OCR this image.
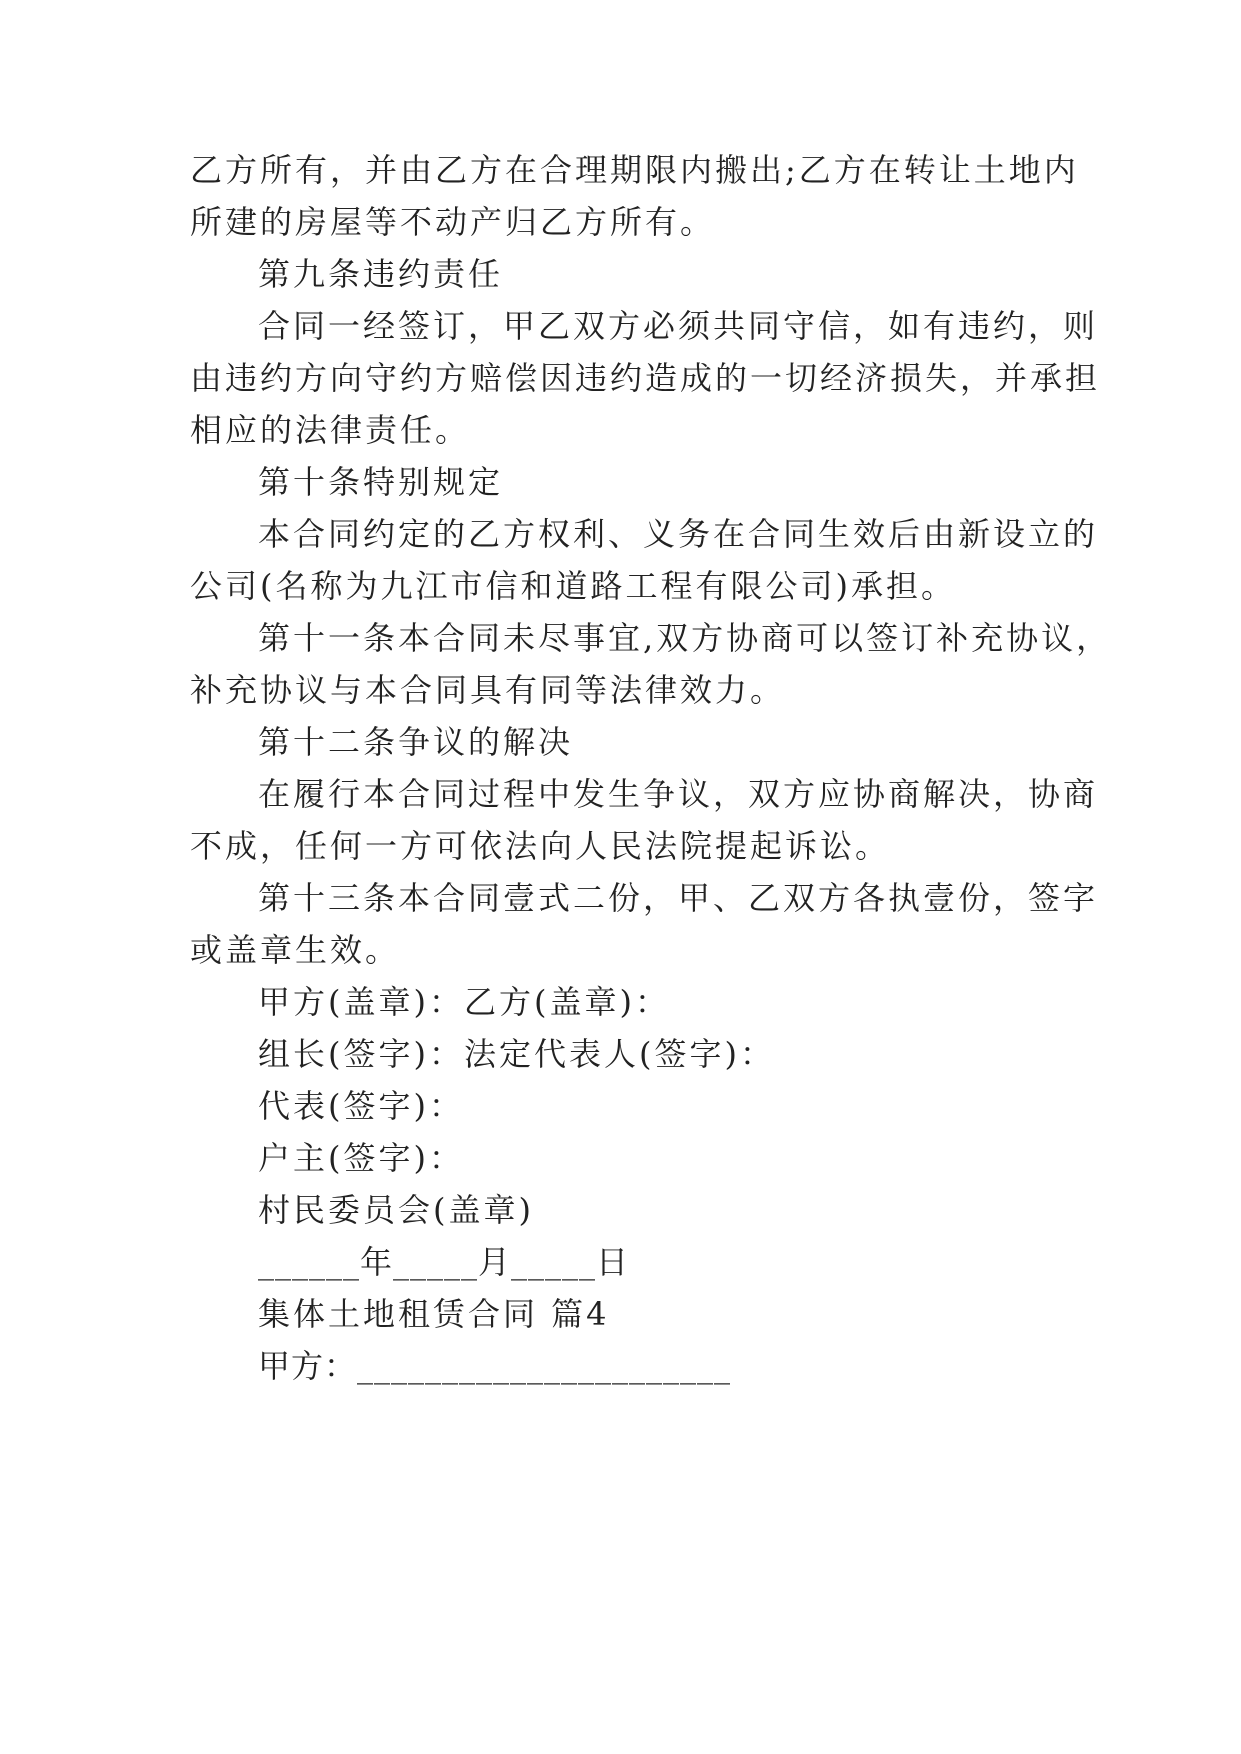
乙方所有，并由乙方在合理期限内搬出;乙方在转让土地内
所建的房屋等不动产归乙方所有。
第九条违约责任
合同一经签订，甲乙双方必须共同守信，如有违约，则
由违约方向守约方赔偿因违约造成的一切经济损失，并承担
相应的法律责任。
第十条特别规定
本合同约定的乙方权利、义务在合同生效后由新设立的
公司(名称为九江市信和道路工程有限公司)承担。
第十一条本合同未尽事宜,双方协商可以签订补充协议，
补充协议与本合同具有同等法律效力。
第十二条争议的解决
在履行本合同过程中发生争议，双方应协商解决，协商
不成，任何一方可依法向人民法院提起诉讼。
第十三条本合同壹式二份，甲、乙双方各执壹份，签字
或盖章生效。
甲方(盖章)：乙方(盖章)：
组长(签字)：法定代表人(签字)：
代表(签字)：
户主(签字)：
村民委员会(盖章)
______年_____月_____日
集体土地租赁合同 篇4
甲方：______________________
